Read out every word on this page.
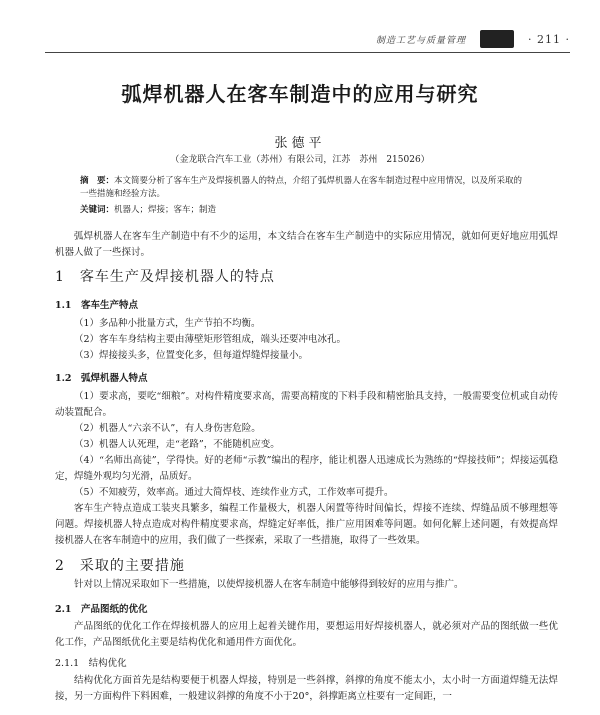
制造工艺与质量管理	· 211 ·
弧焊机器人在客车制造中的应用与研究
张德平
（金龙联合汽车工业（苏州）有限公司，江苏　苏州　215026）
摘　要：本文简要分析了客车生产及焊接机器人的特点，介绍了弧焊机器人在客车制造过程中应用情况，以及所采取的一些措施和经验方法。
关键词：机器人；焊接；客车；制造

弧焊机器人在客车生产制造中有不少的运用，本文结合在客车生产制造中的实际应用情况，就如何更好地应用弧焊机器人做了一些探讨。

1　客车生产及焊接机器人的特点
1.1　客车生产特点

（1）多品种小批量方式，生产节拍不均衡。

（2）客车车身结构主要由薄壁矩形管组成，端头还要冲电冰孔。

（3）焊接接头多，位置变化多，但每道焊缝焊接量小。

1.2　弧焊机器人特点

（1）要求高，要吃“细粮”。对构件精度要求高，需要高精度的下料手段和精密胎具支持，一般需要变位机或自动传动装置配合。

（2）机器人“六亲不认”，有人身伤害危险。

（3）机器人认死理，走“老路”，不能随机应变。

（4）“名师出高徒”，学得快。好的老师“示教”编出的程序，能让机器人迅速成长为熟练的“焊接技师”；焊接运弧稳定，焊缝外观均匀光滑，品质好。

（5）不知疲劳，效率高。通过大简焊枝、连续作业方式，工作效率可提升。

客车生产特点造成工装夹具繁多，编程工作量极大，机器人闲置等待时间偏长，焊接不连续、焊缝品质不够理想等问题。焊接机器人特点造成对构件精度要求高，焊缝定好率低，推广应用困难等问题。如何化解上述问题，有效提高焊接机器人在客车制造中的应用，我们做了一些探索，采取了一些措施，取得了一些效果。

2　采取的主要措施

针对以上情况采取如下一些措施，以使焊接机器人在客车制造中能够得到较好的应用与推广。

2.1　产品图纸的优化

产品图纸的优化工作在焊接机器人的应用上起着关键作用，要想运用好焊接机器人，就必须对产品的图纸做一些优化工作，产品图纸优化主要是结构优化和通用件方面优化。

2.1.1　结构优化

结构优化方面首先是结构要便于机器人焊接，特别是一些斜撑，斜撑的角度不能太小，太小时一方面道焊缝无法焊接，另一方面构件下料困难，一般建议斜撑的角度不小于20°，斜撑距离立柱要有一定间距，一
